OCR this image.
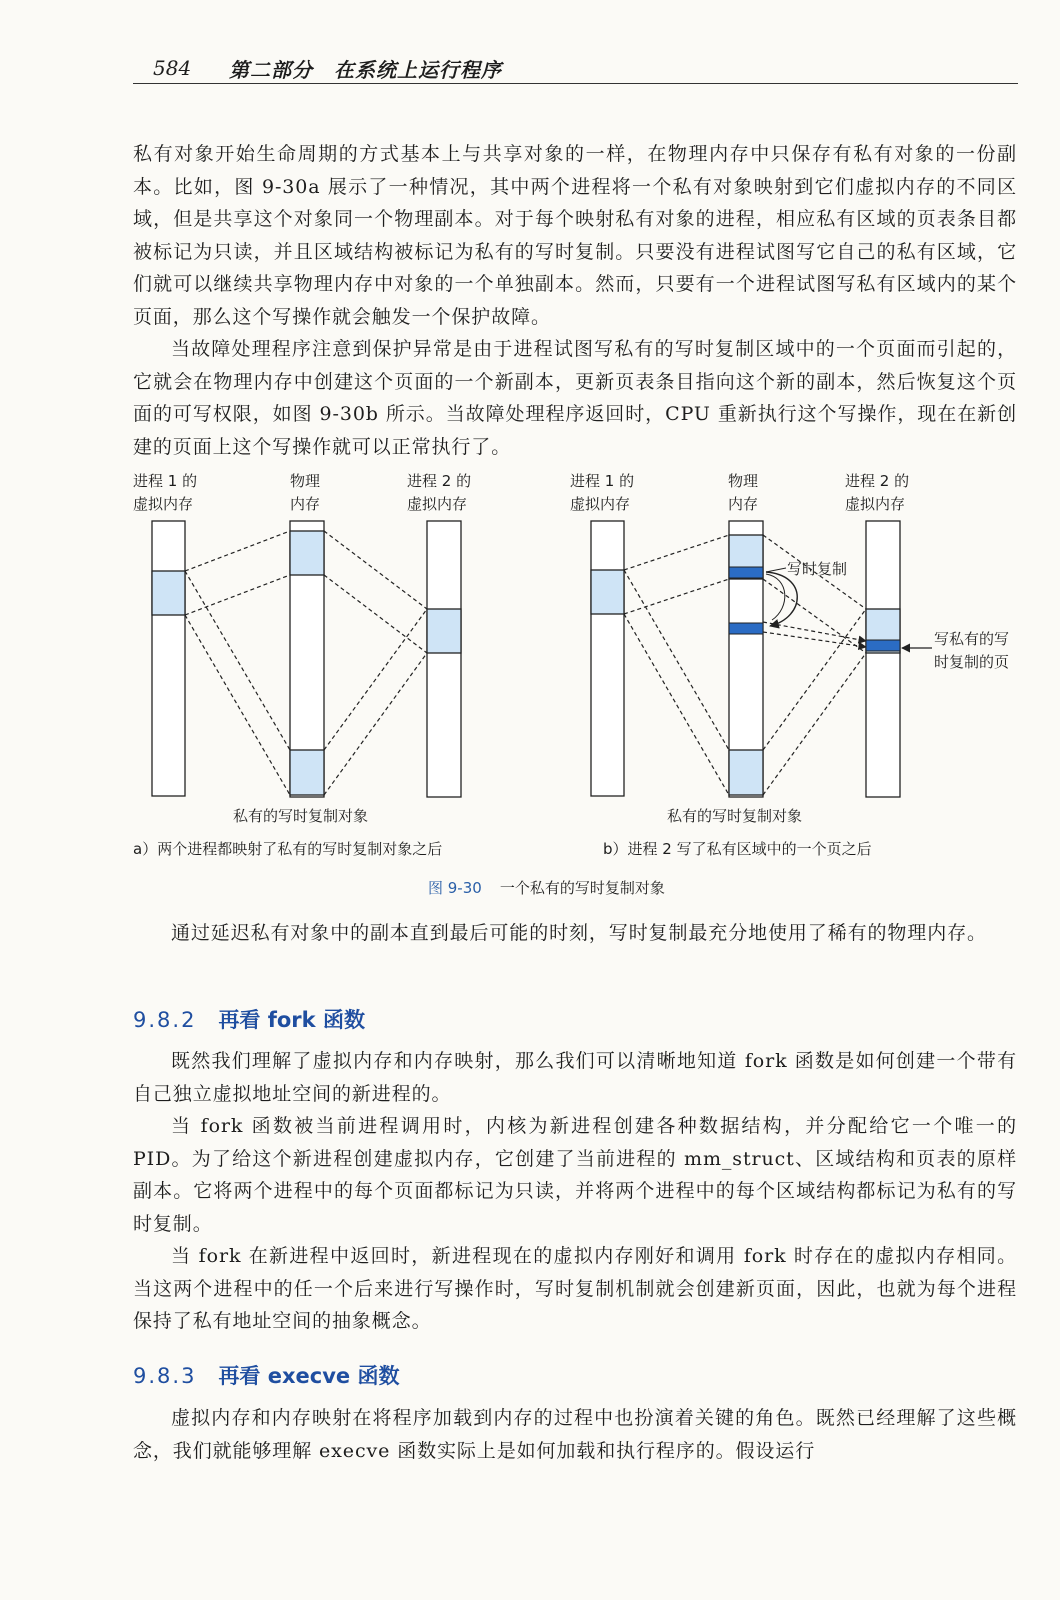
584 第二部分　在系统上运行程序

私有对象开始生命周期的方式基本上与共享对象的一样，在物理内存中只保存有私有对象的一份副本。比如，图 9-30a 展示了一种情况，其中两个进程将一个私有对象映射到它们虚拟内存的不同区域，但是共享这个对象同一个物理副本。对于每个映射私有对象的进程，相应私有区域的页表条目都被标记为只读，并且区域结构被标记为私有的写时复制。只要没有进程试图写它自己的私有区域，它们就可以继续共享物理内存中对象的一个单独副本。然而，只要有一个进程试图写私有区域内的某个页面，那么这个写操作就会触发一个保护故障。

当故障处理程序注意到保护异常是由于进程试图写私有的写时复制区域中的一个页面而引起的，它就会在物理内存中创建这个页面的一个新副本，更新页表条目指向这个新的副本，然后恢复这个页面的可写权限，如图 9-30b 所示。当故障处理程序返回时，CPU 重新执行这个写操作，现在在新创建的页面上这个写操作就可以正常执行了。

进程 1 的
虚拟内存
物理
内存
进程 2 的
虚拟内存
进程 1 的
虚拟内存
物理
内存
进程 2 的
虚拟内存
写时复制
写私有的写
时复制的页
私有的写时复制对象	私有的写时复制对象
a）两个进程都映射了私有的写时复制对象之后	b）进程 2 写了私有区域中的一个页之后
图 9-30 一个私有的写时复制对象

通过延迟私有对象中的副本直到最后可能的时刻，写时复制最充分地使用了稀有的物理内存。

9.8.2 再看 fork 函数

既然我们理解了虚拟内存和内存映射，那么我们可以清晰地知道 fork 函数是如何创建一个带有自己独立虚拟地址空间的新进程的。

当 fork 函数被当前进程调用时，内核为新进程创建各种数据结构，并分配给它一个唯一的 PID。为了给这个新进程创建虚拟内存，它创建了当前进程的 mm_struct、区域结构和页表的原样副本。它将两个进程中的每个页面都标记为只读，并将两个进程中的每个区域结构都标记为私有的写时复制。

当 fork 在新进程中返回时，新进程现在的虚拟内存刚好和调用 fork 时存在的虚拟内存相同。当这两个进程中的任一个后来进行写操作时，写时复制机制就会创建新页面，因此，也就为每个进程保持了私有地址空间的抽象概念。

9.8.3 再看 execve 函数

虚拟内存和内存映射在将程序加载到内存的过程中也扮演着关键的角色。既然已经理解了这些概念，我们就能够理解 execve 函数实际上是如何加载和执行程序的。假设运行
